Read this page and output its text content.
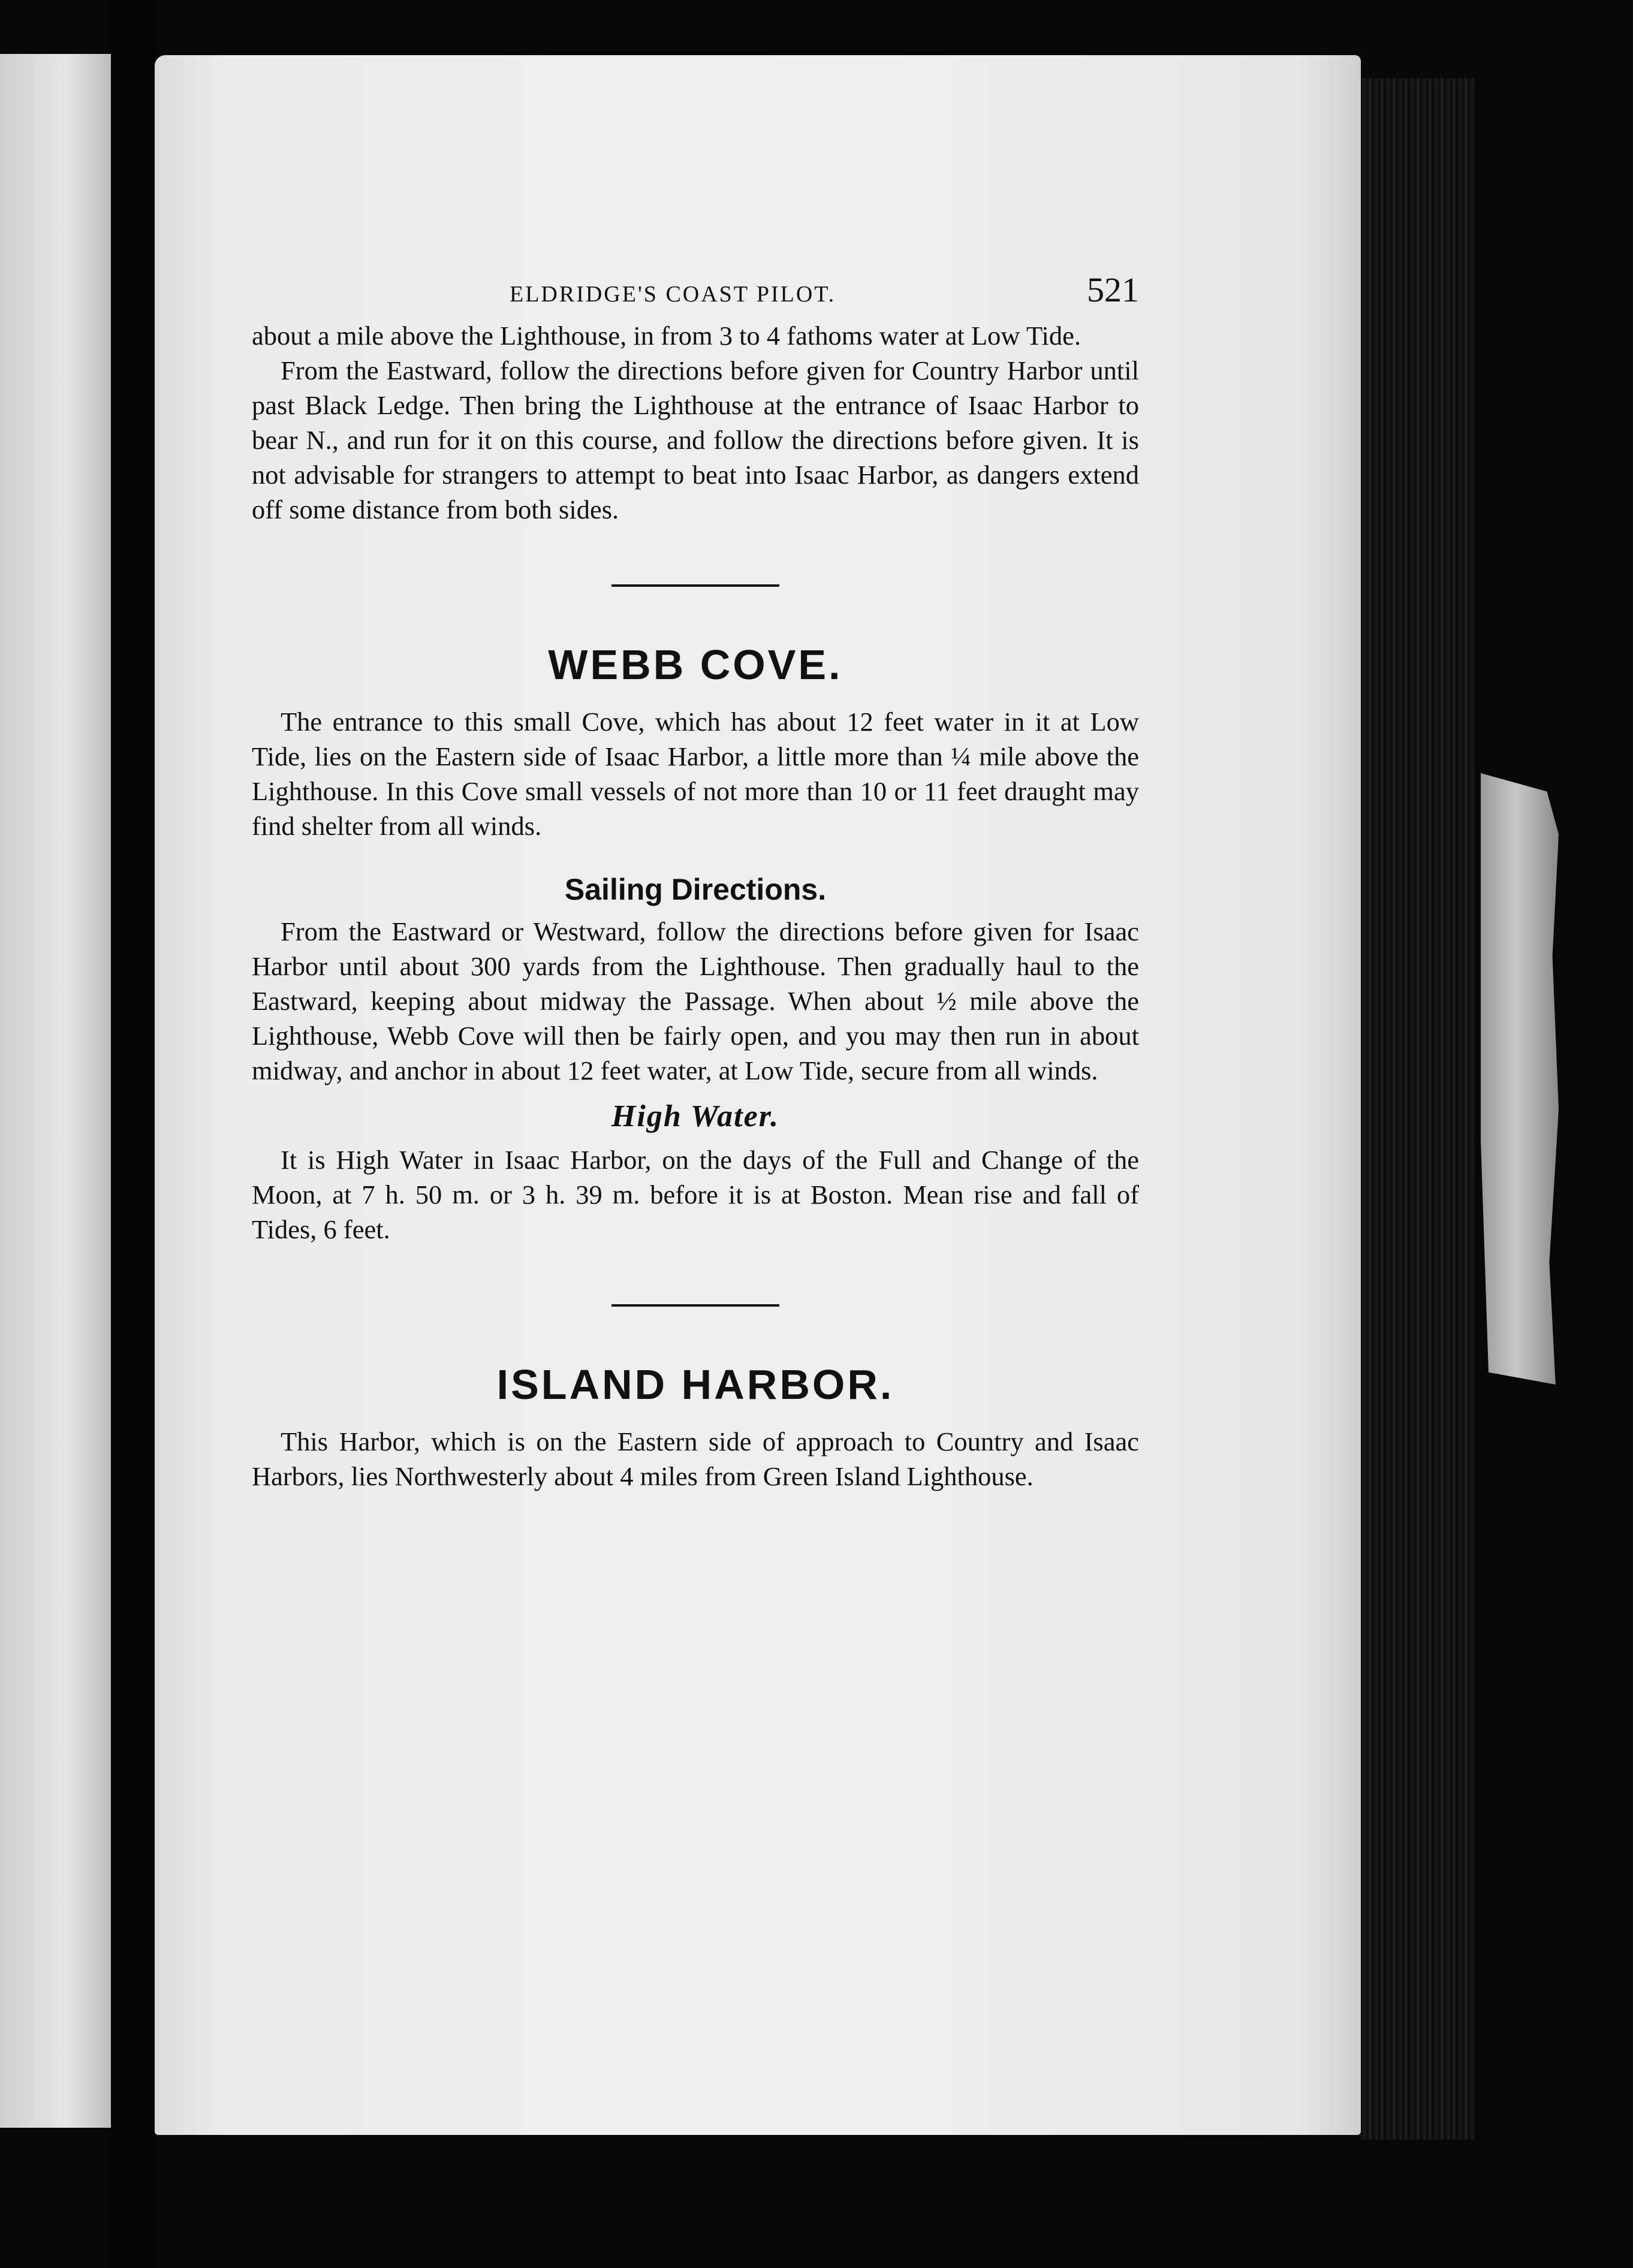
ELDRIDGE'S COAST PILOT.	521

about a mile above the Lighthouse, in from 3 to 4 fathoms water at Low Tide.

From the Eastward, follow the directions before given for Country Harbor until past Black Ledge. Then bring the Lighthouse at the entrance of Isaac Harbor to bear N., and run for it on this course, and follow the directions before given. It is not advisable for strangers to attempt to beat into Isaac Harbor, as dangers extend off some distance from both sides.

WEBB COVE.

The entrance to this small Cove, which has about 12 feet water in it at Low Tide, lies on the Eastern side of Isaac Harbor, a little more than ¼ mile above the Lighthouse. In this Cove small vessels of not more than 10 or 11 feet draught may find shelter from all winds.

Sailing Directions.

From the Eastward or Westward, follow the directions before given for Isaac Harbor until about 300 yards from the Lighthouse. Then gradually haul to the Eastward, keeping about midway the Passage. When about ½ mile above the Lighthouse, Webb Cove will then be fairly open, and you may then run in about midway, and anchor in about 12 feet water, at Low Tide, secure from all winds.

High Water.

It is High Water in Isaac Harbor, on the days of the Full and Change of the Moon, at 7 h. 50 m. or 3 h. 39 m. before it is at Boston. Mean rise and fall of Tides, 6 feet.

ISLAND HARBOR.

This Harbor, which is on the Eastern side of approach to Country and Isaac Harbors, lies Northwesterly about 4 miles from Green Island Lighthouse.
